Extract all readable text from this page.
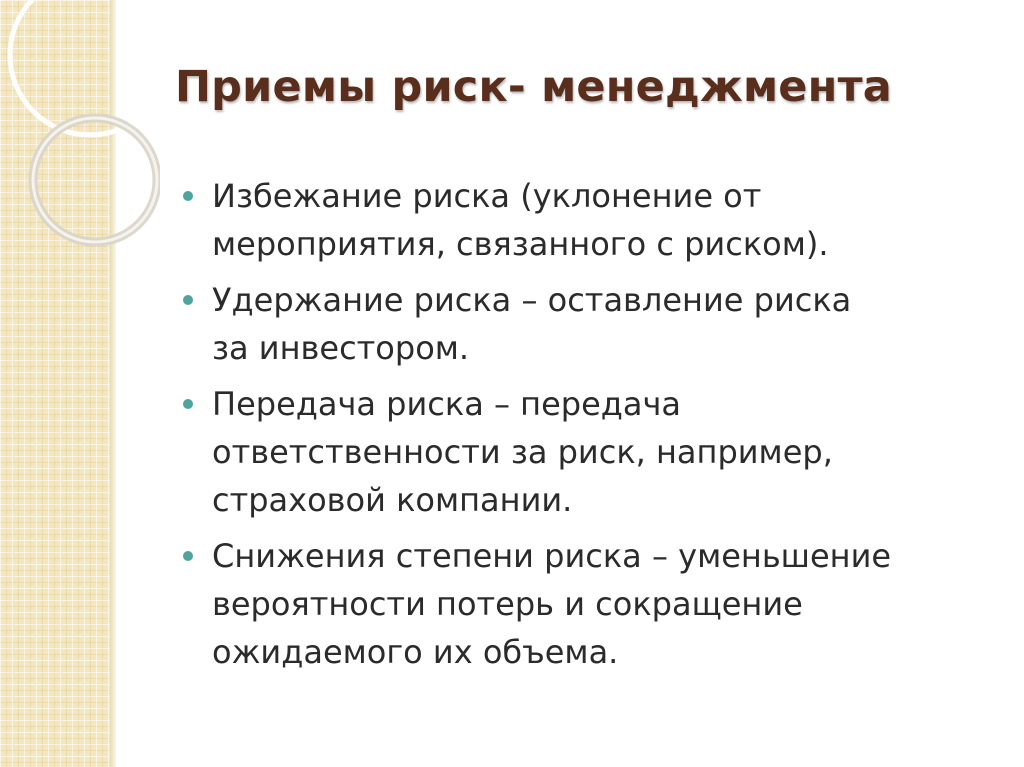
Приемы риск- менеджмента
Избежание риска (уклонение от
мероприятия, связанного с риском).
Удержание риска – оставление риска
за инвестором.
Передача риска – передача
ответственности за риск, например,
страховой компании.
Снижения степени риска – уменьшение
вероятности потерь и сокращение
ожидаемого их объема.
